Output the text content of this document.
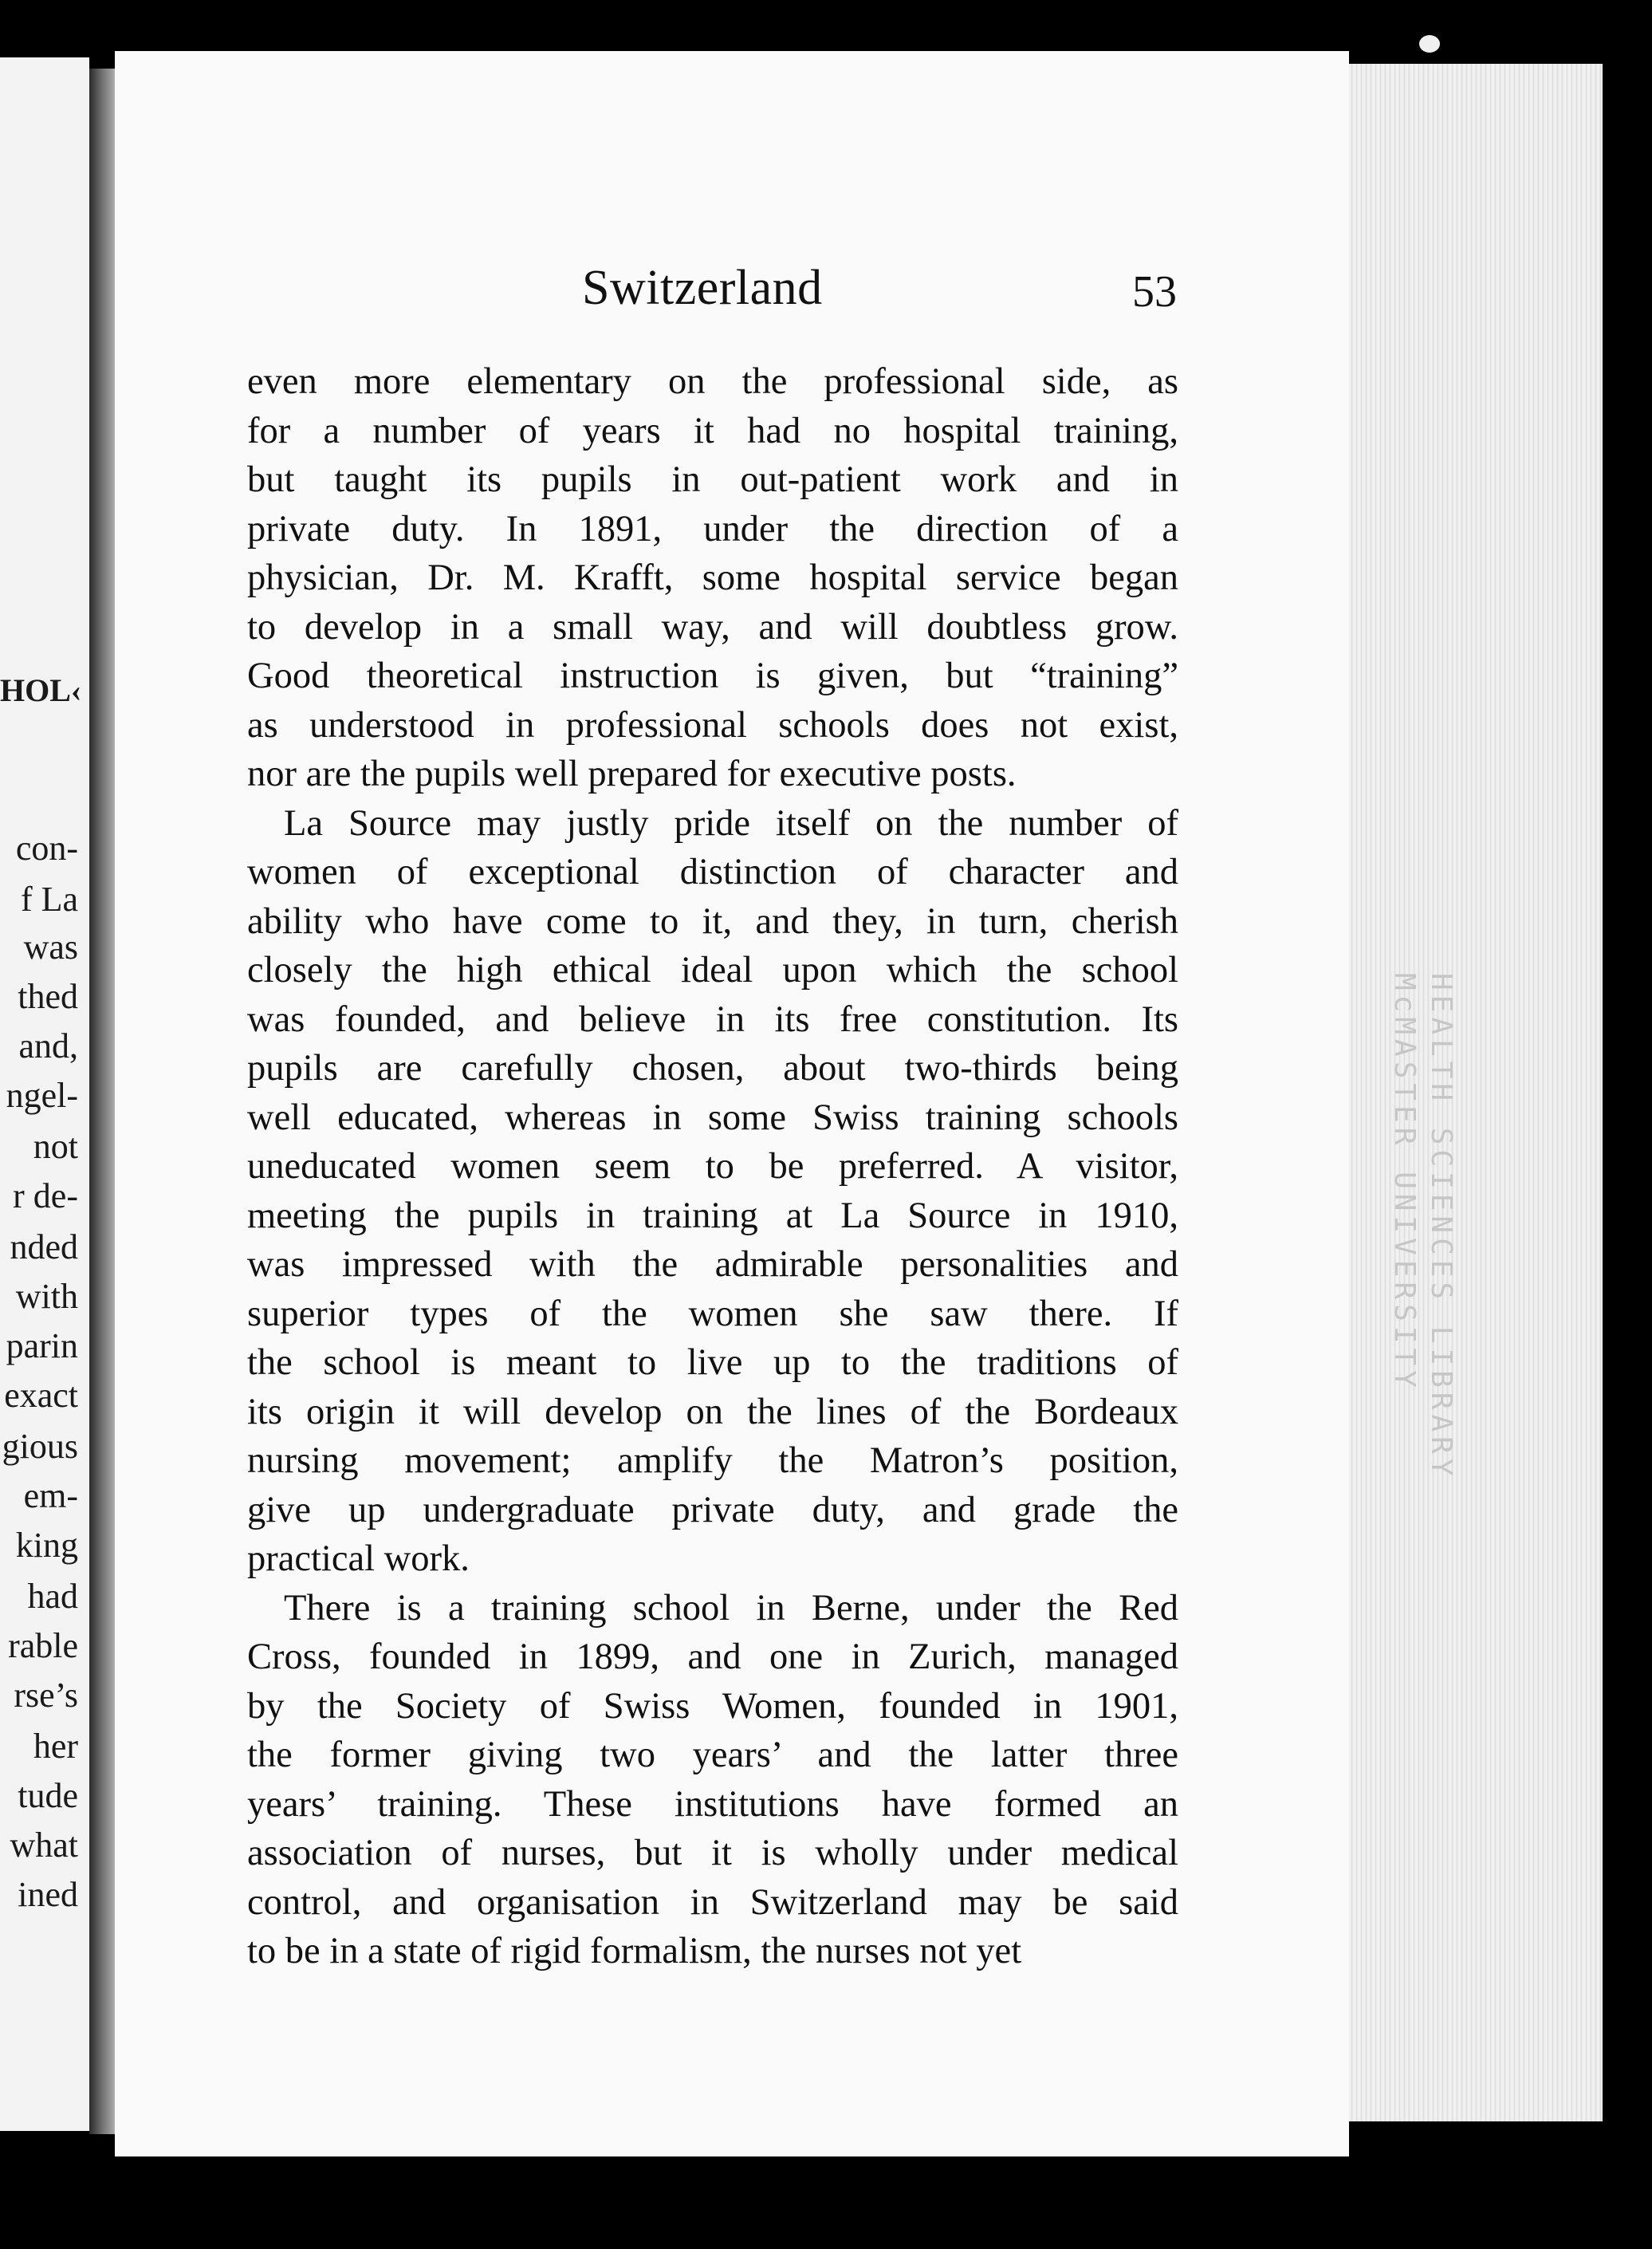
HOL‹
con-
f La
was
thed
and,
ngel-
not
r de-
nded
with
parin
exact
gious
em-
king
had
rable
rse’s
her
tude
what
ined
Switzerland	53
even more elementary on the professional side, as
for a number of years it had no hospital training,
but taught its pupils in out-patient work and in
private duty. In 1891, under the direction of a
physician, Dr. M. Krafft, some hospital service began
to develop in a small way, and will doubtless grow.
Good theoretical instruction is given, but “training”
as understood in professional schools does not exist,
nor are the pupils well prepared for executive posts.
La Source may justly pride itself on the number of
women of exceptional distinction of character and
ability who have come to it, and they, in turn, cherish
closely the high ethical ideal upon which the school
was founded, and believe in its free constitution. Its
pupils are carefully chosen, about two-thirds being
well educated, whereas in some Swiss training schools
uneducated women seem to be preferred. A visitor,
meeting the pupils in training at La Source in 1910,
was impressed with the admirable personalities and
superior types of the women she saw there. If
the school is meant to live up to the traditions of
its origin it will develop on the lines of the Bordeaux
nursing movement; amplify the Matron’s position,
give up undergraduate private duty, and grade the
practical work.
There is a training school in Berne, under the Red
Cross, founded in 1899, and one in Zurich, managed
by the Society of Swiss Women, founded in 1901,
the former giving two years’ and the latter three
years’ training. These institutions have formed an
association of nurses, but it is wholly under medical
control, and organisation in Switzerland may be said
to be in a state of rigid formalism, the nurses not yet
HEALTH SCIENCES LIBRARY
McMASTER UNIVERSITY
